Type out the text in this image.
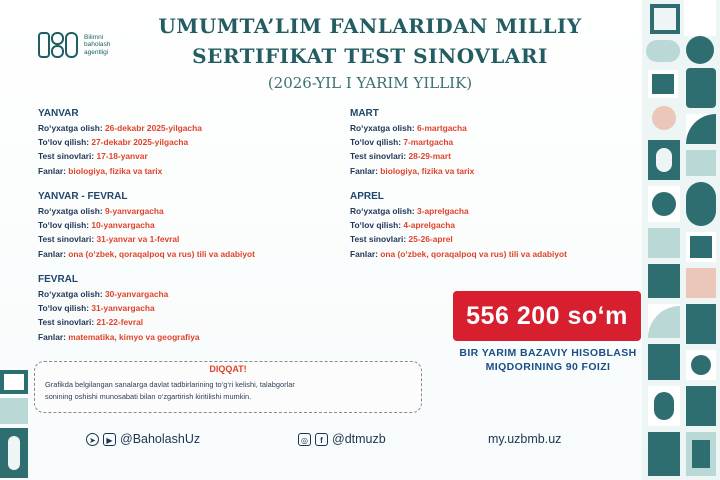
Bilimni
baholash
agentligi
UMUMTA’LIM FANLARIDAN MILLIY
SERTIFIKAT TEST SINOVLARI
(2026-YIL I YARIM YILLIK)
YANVAR
Ro‘yxatga olish: 26-dekabr 2025-yilgacha
To‘lov qilish: 27-dekabr 2025-yilgacha
Test sinovlari: 17-18-yanvar
Fanlar: biologiya, fizika va tarix
MART
Ro‘yxatga olish: 6-martgacha
To‘lov qilish: 7-martgacha
Test sinovlari: 28-29-mart
Fanlar: biologiya, fizika va tarix
YANVAR - FEVRAL
Ro‘yxatga olish: 9-yanvargacha
To‘lov qilish: 10-yanvargacha
Test sinovlari: 31-yanvar va 1-fevral
Fanlar: ona (o‘zbek, qoraqalpoq va rus) tili va adabiyot
APREL
Ro‘yxatga olish: 3-aprelgacha
To‘lov qilish: 4-aprelgacha
Test sinovlari: 25-26-aprel
Fanlar: ona (o‘zbek, qoraqalpoq va rus) tili va adabiyot
FEVRAL
Ro‘yxatga olish: 30-yanvargacha
To‘lov qilish: 31-yanvargacha
Test sinovlari: 21-22-fevral
Fanlar: matematika, kimyo va geografiya
556 200 so‘m
BIR YARIM BAZAVIY HISOBLASH
MIQDORINING 90 FOIZI
DIQQAT!
Grafikda belgilangan sanalarga davlat tadbirlarining to‘g‘ri kelishi, talabgorlar
sonining oshishi munosabati bilan o‘zgartirish kiritilishi mumkin.
➤	▶ @BaholashUz	◎	f @dtmuzb	my.uzbmb.uz
